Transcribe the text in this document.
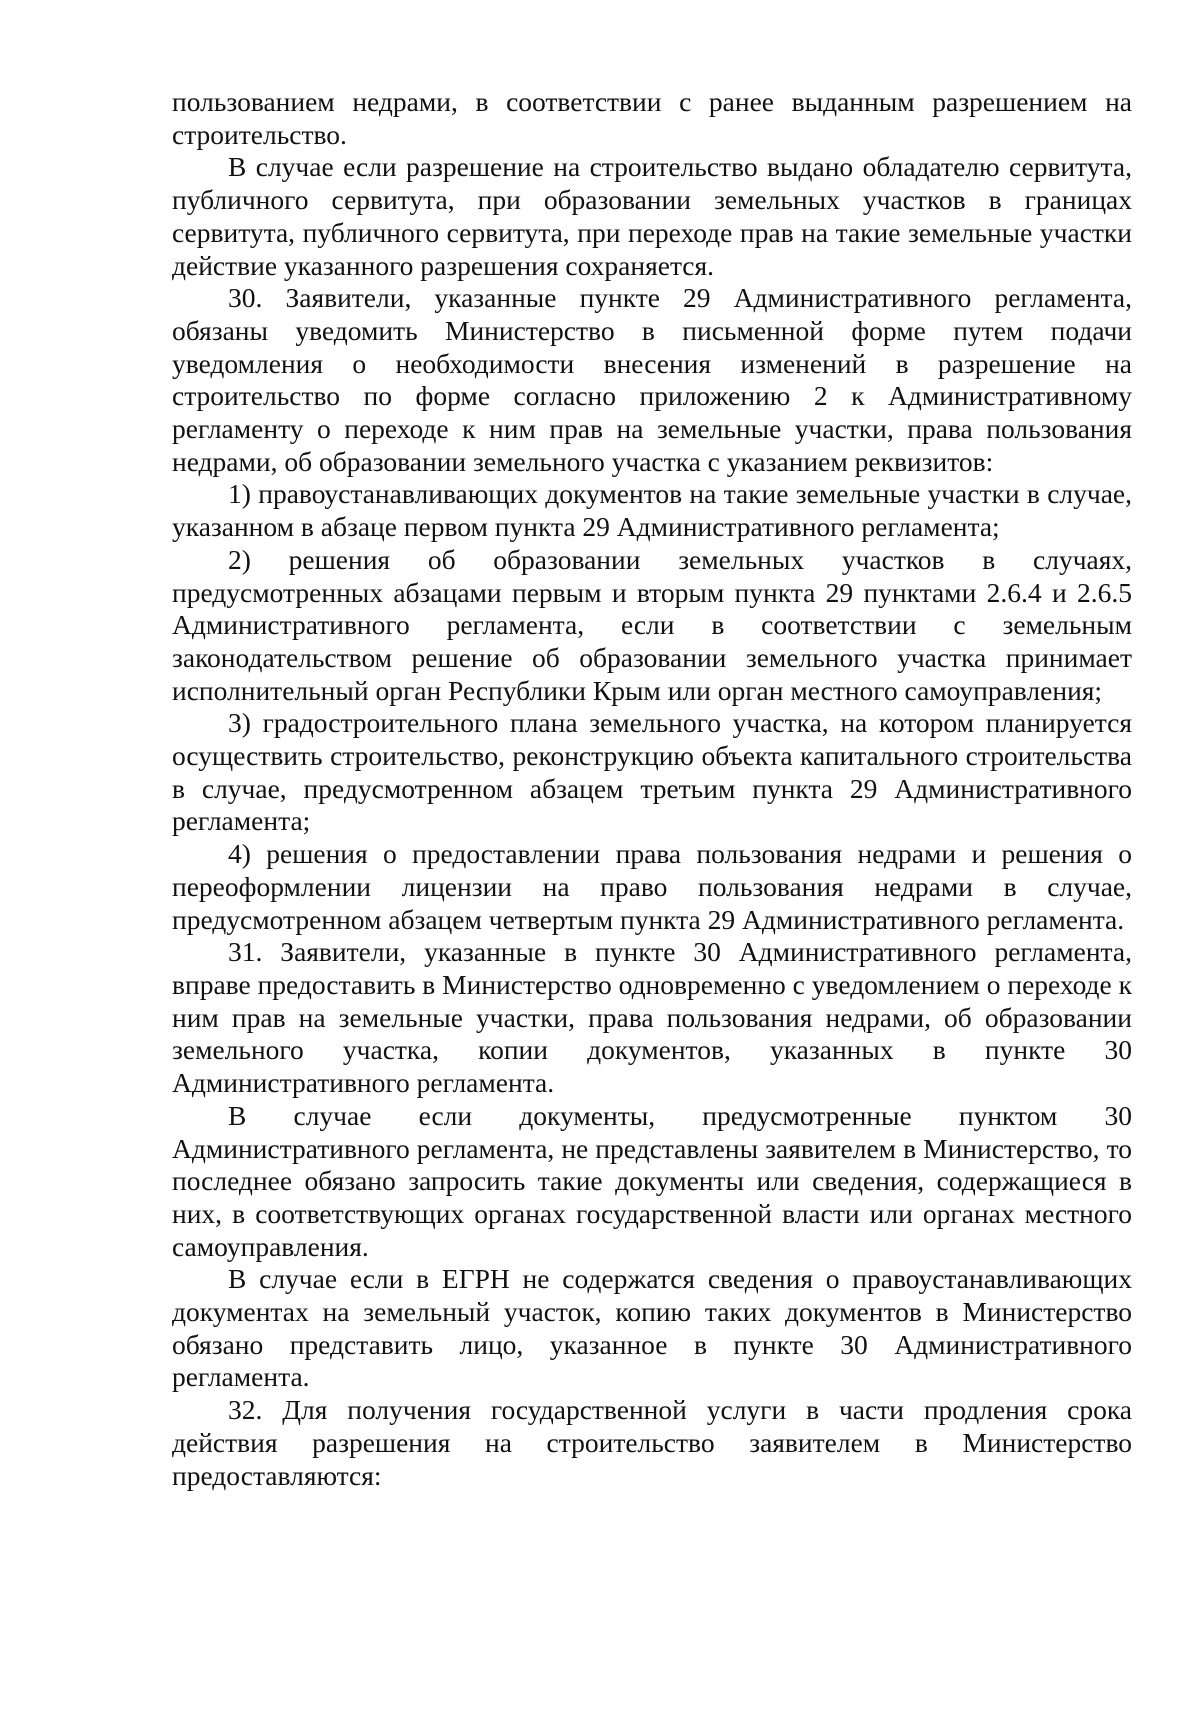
пользованием недрами, в соответствии с ранее выданным разрешением на строительство.

В случае если разрешение на строительство выдано обладателю сервитута, публичного сервитута, при образовании земельных участков в границах сервитута, публичного сервитута, при переходе прав на такие земельные участки действие указанного разрешения сохраняется.

30. Заявители, указанные пункте 29 Административного регламента, обязаны уведомить Министерство в письменной форме путем подачи уведомления о необходимости внесения изменений в разрешение на строительство по форме согласно приложению 2 к Административному регламенту о переходе к ним прав на земельные участки, права пользования недрами, об образовании земельного участка с указанием реквизитов:

1) правоустанавливающих документов на такие земельные участки в случае, указанном в абзаце первом пункта 29 Административного регламента;

2) решения об образовании земельных участков в случаях, предусмотренных абзацами первым и вторым пункта 29 пунктами 2.6.4 и 2.6.5 Административного регламента, если в соответствии с земельным законодательством решение об образовании земельного участка принимает исполнительный орган Республики Крым или орган местного самоуправления;

3) градостроительного плана земельного участка, на котором планируется осуществить строительство, реконструкцию объекта капитального строительства в случае, предусмотренном абзацем третьим пункта 29 Административного регламента;

4) решения о предоставлении права пользования недрами и решения о переоформлении лицензии на право пользования недрами в случае, предусмотренном абзацем четвертым пункта 29 Административного регламента.

31. Заявители, указанные в пункте 30 Административного регламента, вправе предоставить в Министерство одновременно с уведомлением о переходе к ним прав на земельные участки, права пользования недрами, об образовании земельного участка, копии документов, указанных в пункте 30 Административного регламента.

В случае если документы, предусмотренные пунктом 30 Административного регламента, не представлены заявителем в Министерство, то последнее обязано запросить такие документы или сведения, содержащиеся в них, в соответствующих органах государственной власти или органах местного самоуправления.

В случае если в ЕГРН не содержатся сведения о правоустанавливающих документах на земельный участок, копию таких документов в Министерство обязано представить лицо, указанное в пункте 30 Административного регламента.

32. Для получения государственной услуги в части продления срока действия разрешения на строительство заявителем в Министерство предоставляются:
